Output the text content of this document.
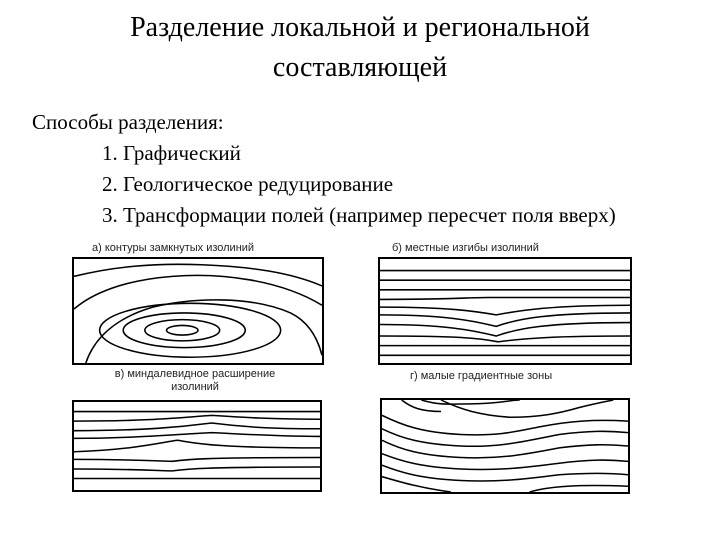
Разделение локальной и региональной
составляющей
Способы разделения:
1. Графический
2. Геологическое редуцирование
3. Трансформации полей (например пересчет поля вверх)
а) контуры замкнутых изолиний	б) местные изгибы изолиний
в) миндалевидное расширение
изолиний
г) малые градиентные зоны
